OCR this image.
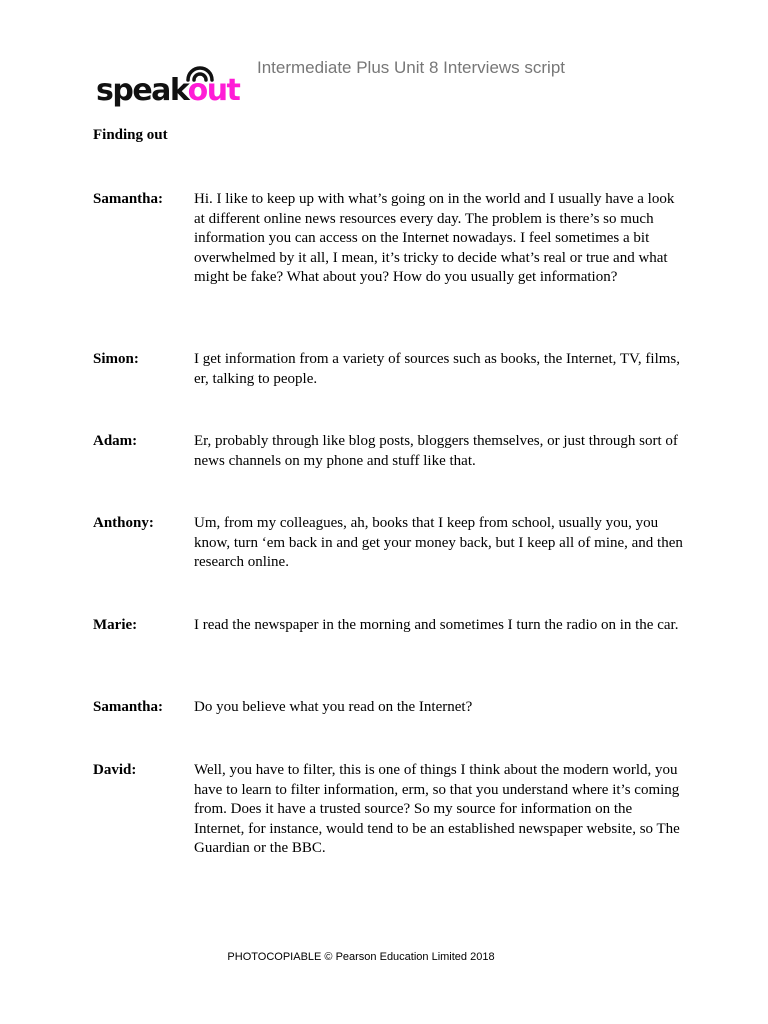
speakout
Intermediate Plus Unit 8 Interviews script
Finding out
Samantha:	Hi. I like to keep up with what’s going on in the world and I usually have a look at different online news resources every day. The problem is there’s so much information you can access on the Internet nowadays. I feel sometimes a bit overwhelmed by it all, I mean, it’s tricky to decide what’s real or true and what might be fake? What about you? How do you usually get information?
Simon:	I get information from a variety of sources such as books, the Internet, TV, films, er, talking to people.
Adam:	Er, probably through like blog posts, bloggers themselves, or just through sort of news channels on my phone and stuff like that.
Anthony:	Um, from my colleagues, ah, books that I keep from school, usually you, you know, turn ‘em back in and get your money back, but I keep all of mine, and then research online.
Marie:	I read the newspaper in the morning and sometimes I turn the radio on in the car.
Samantha:	Do you believe what you read on the Internet?
David:	Well, you have to filter, this is one of things I think about the modern world, you have to learn to filter information, erm, so that you understand where it’s coming from. Does it have a trusted source? So my source for information on the Internet, for instance, would tend to be an established newspaper website, so The Guardian or the BBC.
PHOTOCOPIABLE © Pearson Education Limited 2018
